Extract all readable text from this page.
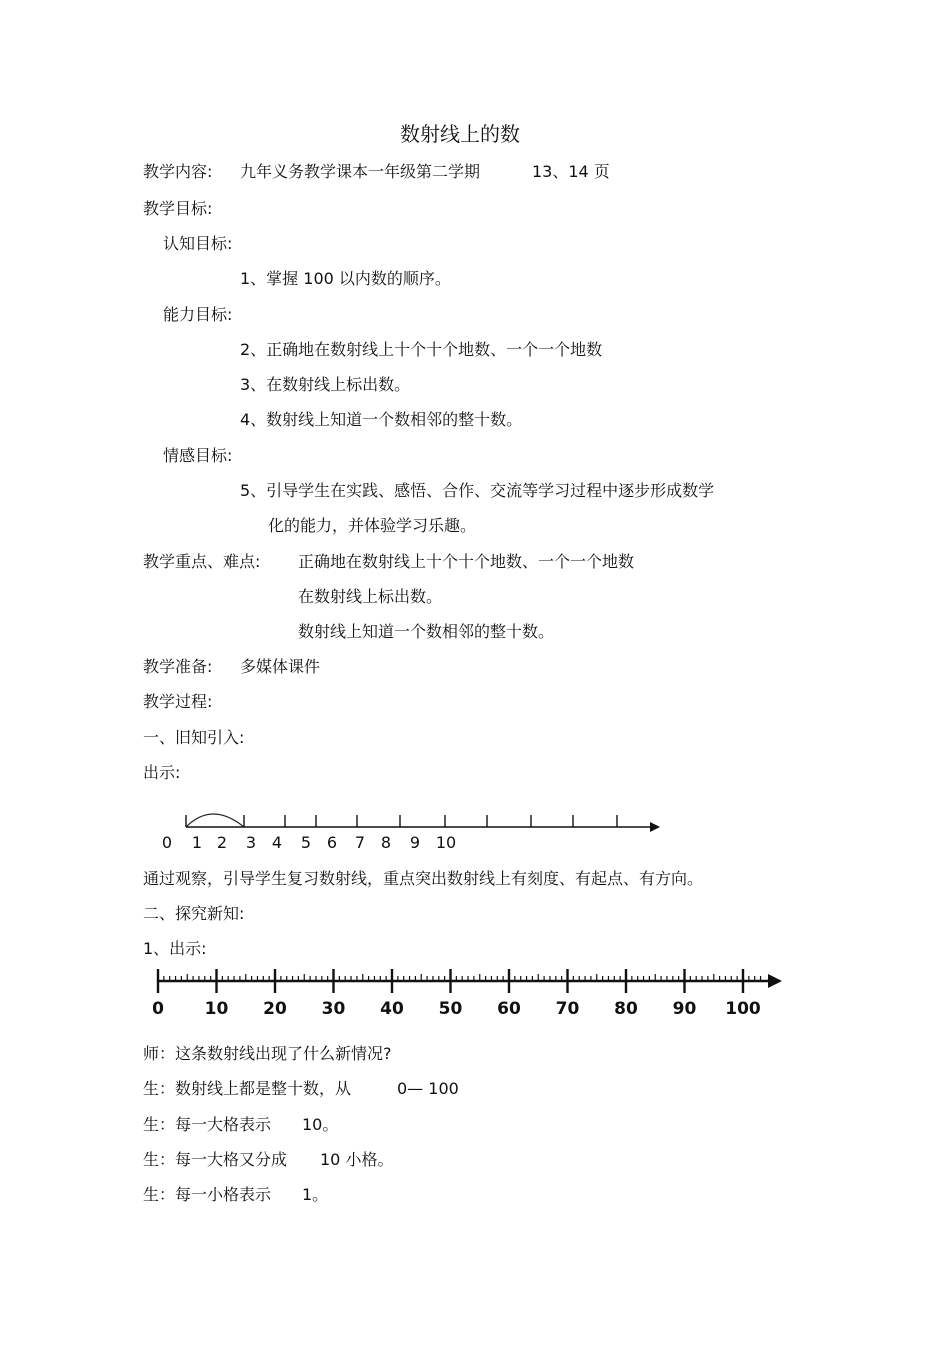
数射线上的数
教学内容: 九年义务教学课本一年级第二学期	13、14 页
教学目标:
认知目标:
1、掌握 100 以内数的顺序。
能力目标:
2、正确地在数射线上十个十个地数、一个一个地数
3、在数射线上标出数。
4、数射线上知道一个数相邻的整十数。
情感目标:
5、引导学生在实践、感悟、合作、交流等学习过程中逐步形成数学
化的能力，并体验学习乐趣。
教学重点、难点: 正确地在数射线上十个十个地数、一个一个地数
在数射线上标出数。
数射线上知道一个数相邻的整十数。
教学准备: 多媒体课件
教学过程:
一、旧知引入:
出示:
0 1 2 3 4 5 6 7 8 9 10
通过观察，引导学生复习数射线，重点突出数射线上有刻度、有起点、有方向。
二、探究新知:
1、出示:
0 10 20 30 40 50 60 70 80 90 100
师：这条数射线出现了什么新情况?
生：数射线上都是整十数，从	0— 100
生：每一大格表示 10。
生：每一大格又分成 10 小格。
生：每一小格表示 1。
